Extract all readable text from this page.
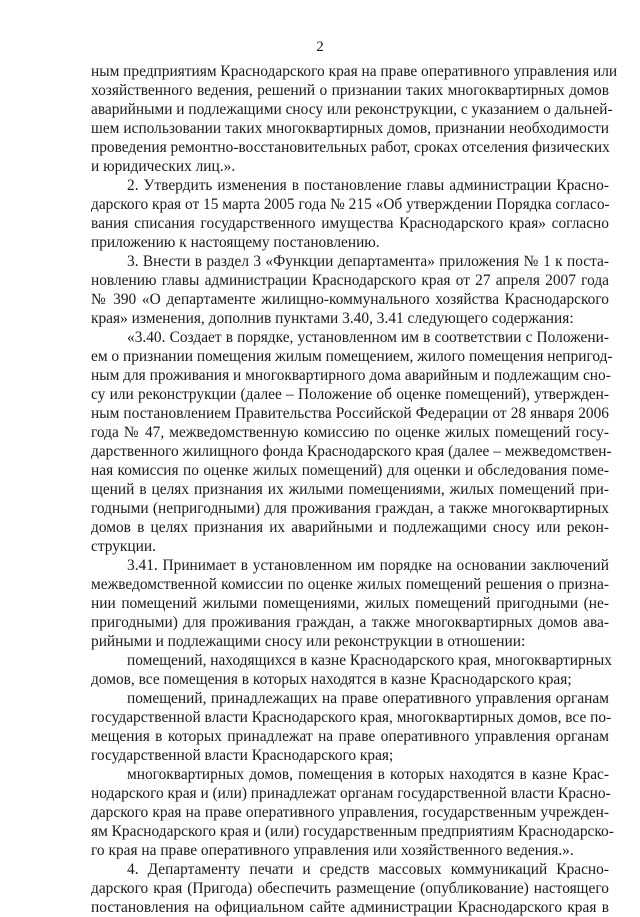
2
ным предприятиям Краснодарского края на праве оперативного управления или
хозяйственного ведения, решений о признании таких многоквартирных домов
аварийными и подлежащими сносу или реконструкции, с указанием о дальней-
шем использовании таких многоквартирных домов, признании необходимости
проведения ремонтно-восстановительных работ, сроках отселения физических
и юридических лиц.».
2. Утвердить изменения в постановление главы администрации Красно-
дарского края от 15 марта 2005 года № 215 «Об утверждении Порядка согласо-
вания списания государственного имущества Краснодарского края» согласно
приложению к настоящему постановлению.
3. Внести в раздел 3 «Функции департамента» приложения № 1 к поста-
новлению главы администрации Краснодарского края от 27 апреля 2007 года
№ 390 «О департаменте жилищно-коммунального хозяйства Краснодарского
края» изменения, дополнив пунктами 3.40, 3.41 следующего содержания:
«3.40. Создает в порядке, установленном им в соответствии с Положени-
ем о признании помещения жилым помещением, жилого помещения непригод-
ным для проживания и многоквартирного дома аварийным и подлежащим сно-
су или реконструкции (далее – Положение об оценке помещений), утвержден-
ным постановлением Правительства Российской Федерации от 28 января 2006
года № 47, межведомственную комиссию по оценке жилых помещений госу-
дарственного жилищного фонда Краснодарского края (далее – межведомствен-
ная комиссия по оценке жилых помещений) для оценки и обследования поме-
щений в целях признания их жилыми помещениями, жилых помещений при-
годными (непригодными) для проживания граждан, а также многоквартирных
домов в целях признания их аварийными и подлежащими сносу или рекон-
струкции.
3.41. Принимает в установленном им порядке на основании заключений
межведомственной комиссии по оценке жилых помещений решения о призна-
нии помещений жилыми помещениями, жилых помещений пригодными (не-
пригодными) для проживания граждан, а также многоквартирных домов ава-
рийными и подлежащими сносу или реконструкции в отношении:
помещений, находящихся в казне Краснодарского края, многоквартирных
домов, все помещения в которых находятся в казне Краснодарского края;
помещений, принадлежащих на праве оперативного управления органам
государственной власти Краснодарского края, многоквартирных домов, все по-
мещения в которых принадлежат на праве оперативного управления органам
государственной власти Краснодарского края;
многоквартирных домов, помещения в которых находятся в казне Крас-
нодарского края и (или) принадлежат органам государственной власти Красно-
дарского края на праве оперативного управления, государственным учрежден-
ям Краснодарского края и (или) государственным предприятиям Краснодарско-
го края на праве оперативного управления или хозяйственного ведения.».
4. Департаменту печати и средств массовых коммуникаций Красно-
дарского края (Пригода) обеспечить размещение (опубликование) настоящего
постановления на официальном сайте администрации Краснодарского края в
